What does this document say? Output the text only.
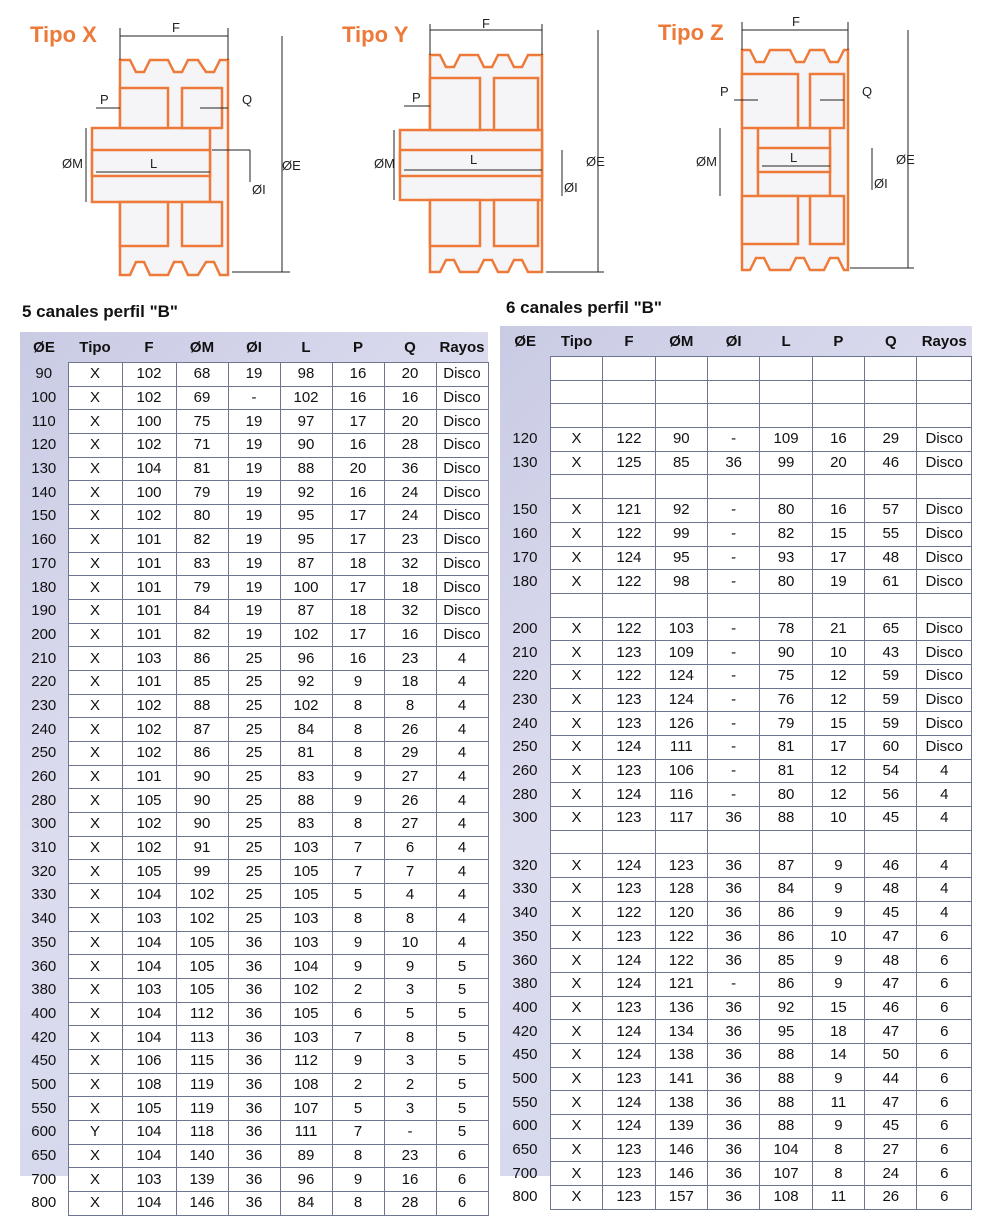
Tipo X	F
P	Q
ØM	L	ØE
ØI
Tipo Y	F
P
ØM	L	ØE
ØI
Tipo Z	F
P	Q
ØM	L	ØE
ØI
5 canales perfil "B"	6 canales perfil "B"
ØE	Tipo	F	ØM	ØI	L	P	Q	Rayos
90	X	102	68	19	98	16	20	Disco
100	X	102	69	-	102	16	16	Disco
110	X	100	75	19	97	17	20	Disco
120	X	102	71	19	90	16	28	Disco
130	X	104	81	19	88	20	36	Disco
140	X	100	79	19	92	16	24	Disco
150	X	102	80	19	95	17	24	Disco
160	X	101	82	19	95	17	23	Disco
170	X	101	83	19	87	18	32	Disco
180	X	101	79	19	100	17	18	Disco
190	X	101	84	19	87	18	32	Disco
200	X	101	82	19	102	17	16	Disco
210	X	103	86	25	96	16	23	4
220	X	101	85	25	92	9	18	4
230	X	102	88	25	102	8	8	4
240	X	102	87	25	84	8	26	4
250	X	102	86	25	81	8	29	4
260	X	101	90	25	83	9	27	4
280	X	105	90	25	88	9	26	4
300	X	102	90	25	83	8	27	4
310	X	102	91	25	103	7	6	4
320	X	105	99	25	105	7	7	4
330	X	104	102	25	105	5	4	4
340	X	103	102	25	103	8	8	4
350	X	104	105	36	103	9	10	4
360	X	104	105	36	104	9	9	5
380	X	103	105	36	102	2	3	5
400	X	104	112	36	105	6	5	5
420	X	104	113	36	103	7	8	5
450	X	106	115	36	112	9	3	5
500	X	108	119	36	108	2	2	5
550	X	105	119	36	107	5	3	5
600	Y	104	118	36	111	7	-	5
650	X	104	140	36	89	8	23	6
700	X	103	139	36	96	9	16	6
800	X	104	146	36	84	8	28	6
ØE	Tipo	F	ØM	ØI	L	P	Q	Rayos

120	X	122	90	-	109	16	29	Disco
130	X	125	85	36	99	20	46	Disco

150	X	121	92	-	80	16	57	Disco
160	X	122	99	-	82	15	55	Disco
170	X	124	95	-	93	17	48	Disco
180	X	122	98	-	80	19	61	Disco

200	X	122	103	-	78	21	65	Disco
210	X	123	109	-	90	10	43	Disco
220	X	122	124	-	75	12	59	Disco
230	X	123	124	-	76	12	59	Disco
240	X	123	126	-	79	15	59	Disco
250	X	124	111	-	81	17	60	Disco
260	X	123	106	-	81	12	54	4
280	X	124	116	-	80	12	56	4
300	X	123	117	36	88	10	45	4

320	X	124	123	36	87	9	46	4
330	X	123	128	36	84	9	48	4
340	X	122	120	36	86	9	45	4
350	X	123	122	36	86	10	47	6
360	X	124	122	36	85	9	48	6
380	X	124	121	-	86	9	47	6
400	X	123	136	36	92	15	46	6
420	X	124	134	36	95	18	47	6
450	X	124	138	36	88	14	50	6
500	X	123	141	36	88	9	44	6
550	X	124	138	36	88	11	47	6
600	X	124	139	36	88	9	45	6
650	X	123	146	36	104	8	27	6
700	X	123	146	36	107	8	24	6
800	X	123	157	36	108	11	26	6
